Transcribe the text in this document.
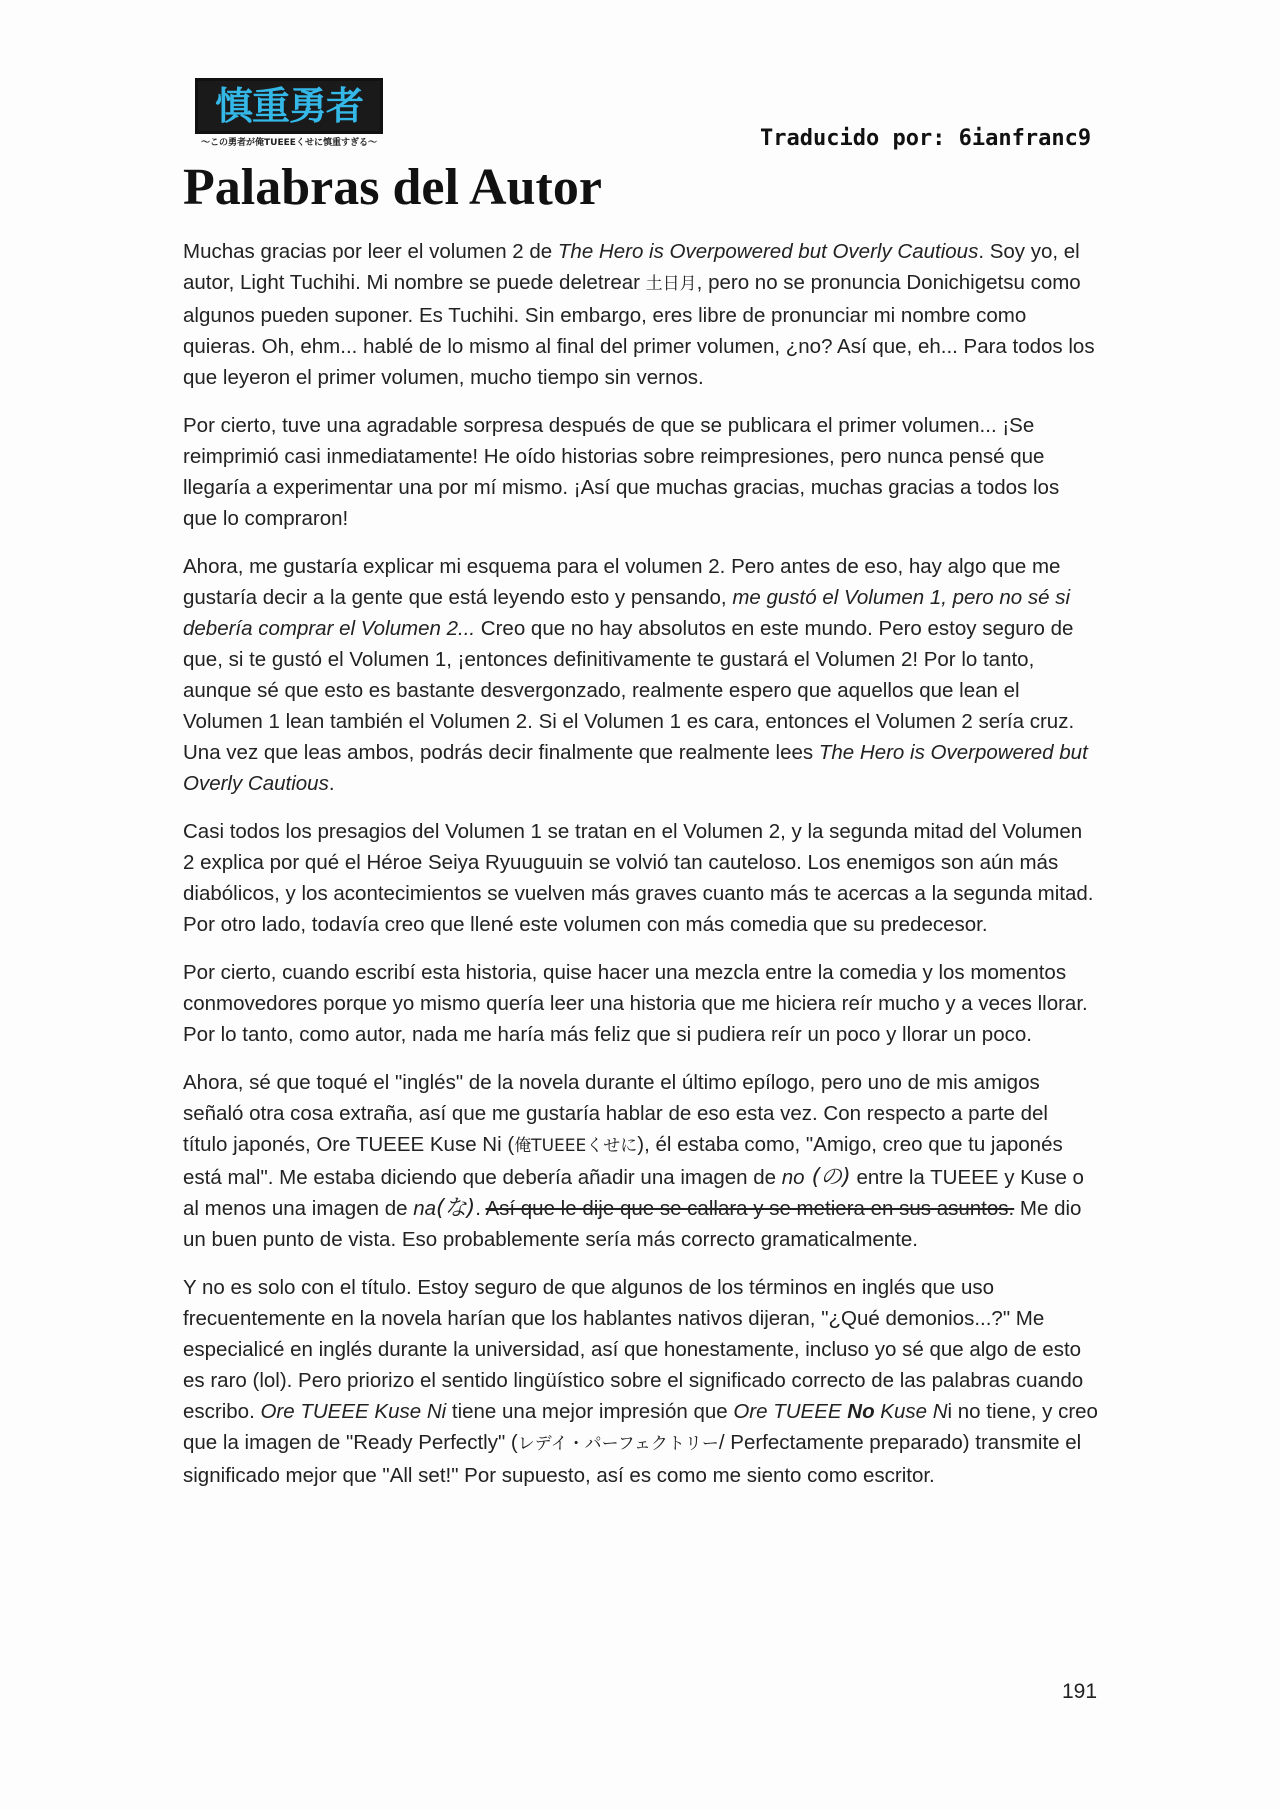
慎重勇者
〜この勇者が俺TUEEEくせに慎重すぎる〜	Traducido por: 6ianfranc9
Palabras del Autor

Muchas gracias por leer el volumen 2 de The Hero is Overpowered but Overly Cautious. Soy yo, el autor, Light Tuchihi. Mi nombre se puede deletrear 土日月, pero no se pronuncia Donichigetsu como algunos pueden suponer. Es Tuchihi. Sin embargo, eres libre de pronunciar mi nombre como quieras. Oh, ehm... hablé de lo mismo al final del primer volumen, ¿no? Así que, eh... Para todos los que leyeron el primer volumen, mucho tiempo sin vernos.

Por cierto, tuve una agradable sorpresa después de que se publicara el primer volumen... ¡Se reimprimió casi inmediatamente! He oído historias sobre reimpresiones, pero nunca pensé que llegaría a experimentar una por mí mismo. ¡Así que muchas gracias, muchas gracias a todos los que lo compraron!

Ahora, me gustaría explicar mi esquema para el volumen 2. Pero antes de eso, hay algo que me gustaría decir a la gente que está leyendo esto y pensando, me gustó el Volumen 1, pero no sé si debería comprar el Volumen 2... Creo que no hay absolutos en este mundo. Pero estoy seguro de que, si te gustó el Volumen 1, ¡entonces definitivamente te gustará el Volumen 2! Por lo tanto, aunque sé que esto es bastante desvergonzado, realmente espero que aquellos que lean el Volumen 1 lean también el Volumen 2. Si el Volumen 1 es cara, entonces el Volumen 2 sería cruz. Una vez que leas ambos, podrás decir finalmente que realmente lees The Hero is Overpowered but Overly Cautious.

Casi todos los presagios del Volumen 1 se tratan en el Volumen 2, y la segunda mitad del Volumen 2 explica por qué el Héroe Seiya Ryuuguuin se volvió tan cauteloso. Los enemigos son aún más diabólicos, y los acontecimientos se vuelven más graves cuanto más te acercas a la segunda mitad. Por otro lado, todavía creo que llené este volumen con más comedia que su predecesor.

Por cierto, cuando escribí esta historia, quise hacer una mezcla entre la comedia y los momentos conmovedores porque yo mismo quería leer una historia que me hiciera reír mucho y a veces llorar. Por lo tanto, como autor, nada me haría más feliz que si pudiera reír un poco y llorar un poco.

Ahora, sé que toqué el "inglés" de la novela durante el último epílogo, pero uno de mis amigos señaló otra cosa extraña, así que me gustaría hablar de eso esta vez. Con respecto a parte del título japonés, Ore TUEEE Kuse Ni (俺TUEEEくせに), él estaba como, "Amigo, creo que tu japonés está mal". Me estaba diciendo que debería añadir una imagen de no (の) entre la TUEEE y Kuse o al menos una imagen de na(な). Así que le dije que se callara y se metiera en sus asuntos. Me dio un buen punto de vista. Eso probablemente sería más correcto gramaticalmente.

Y no es solo con el título. Estoy seguro de que algunos de los términos en inglés que uso frecuentemente en la novela harían que los hablantes nativos dijeran, "¿Qué demonios...?" Me especialicé en inglés durante la universidad, así que honestamente, incluso yo sé que algo de esto es raro (lol). Pero priorizo el sentido lingüístico sobre el significado correcto de las palabras cuando escribo. Ore TUEEE Kuse Ni tiene una mejor impresión que Ore TUEEE No Kuse Ni no tiene, y creo que la imagen de "Ready Perfectly" (レデイ・パーフェクトリー/ Perfectamente preparado) transmite el significado mejor que "All set!" Por supuesto, así es como me siento como escritor.

191
